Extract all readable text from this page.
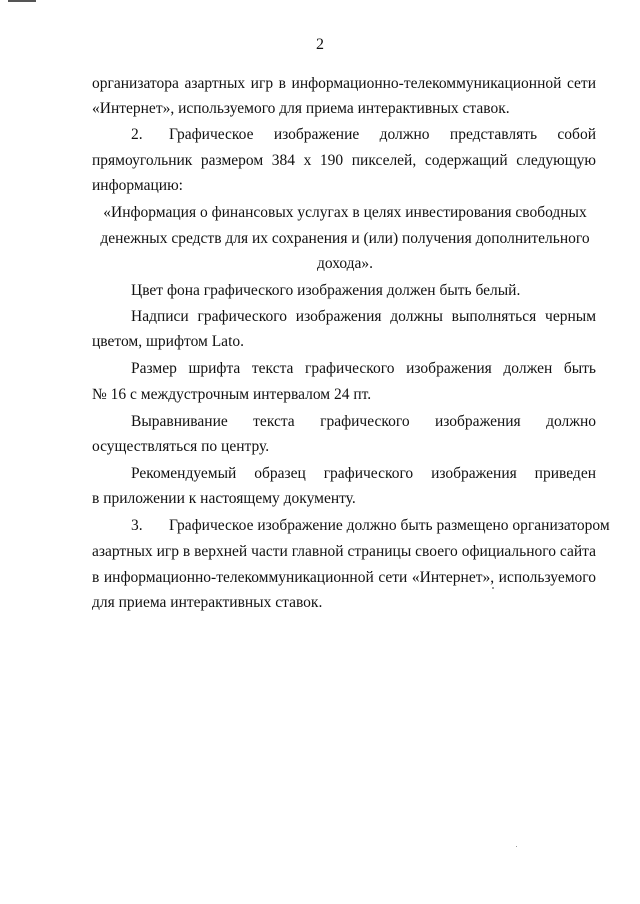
2
организатора азартных игр в информационно-телекоммуникационной сети
«Интернет», используемого для приема интерактивных ставок.
2. Графическое изображение должно представлять собой
прямоугольник размером 384 х 190 пикселей, содержащий следующую
информацию:
«Информация о финансовых услугах в целях инвестирования свободных
денежных средств для их сохранения и (или) получения дополнительного
дохода».
Цвет фона графического изображения должен быть белый.
Надписи графического изображения должны выполняться черным
цветом, шрифтом Lato.
Размер шрифта текста графического изображения должен быть
№ 16 с междустрочным интервалом 24 пт.
Выравнивание текста графического изображения должно
осуществляться по центру.
Рекомендуемый образец графического изображения приведен
в приложении к настоящему документу.
3. Графическое изображение должно быть размещено организатором
азартных игр в верхней части главной страницы своего официального сайта
в информационно-телекоммуникационной сети «Интернет», используемого
для приема интерактивных ставок.
